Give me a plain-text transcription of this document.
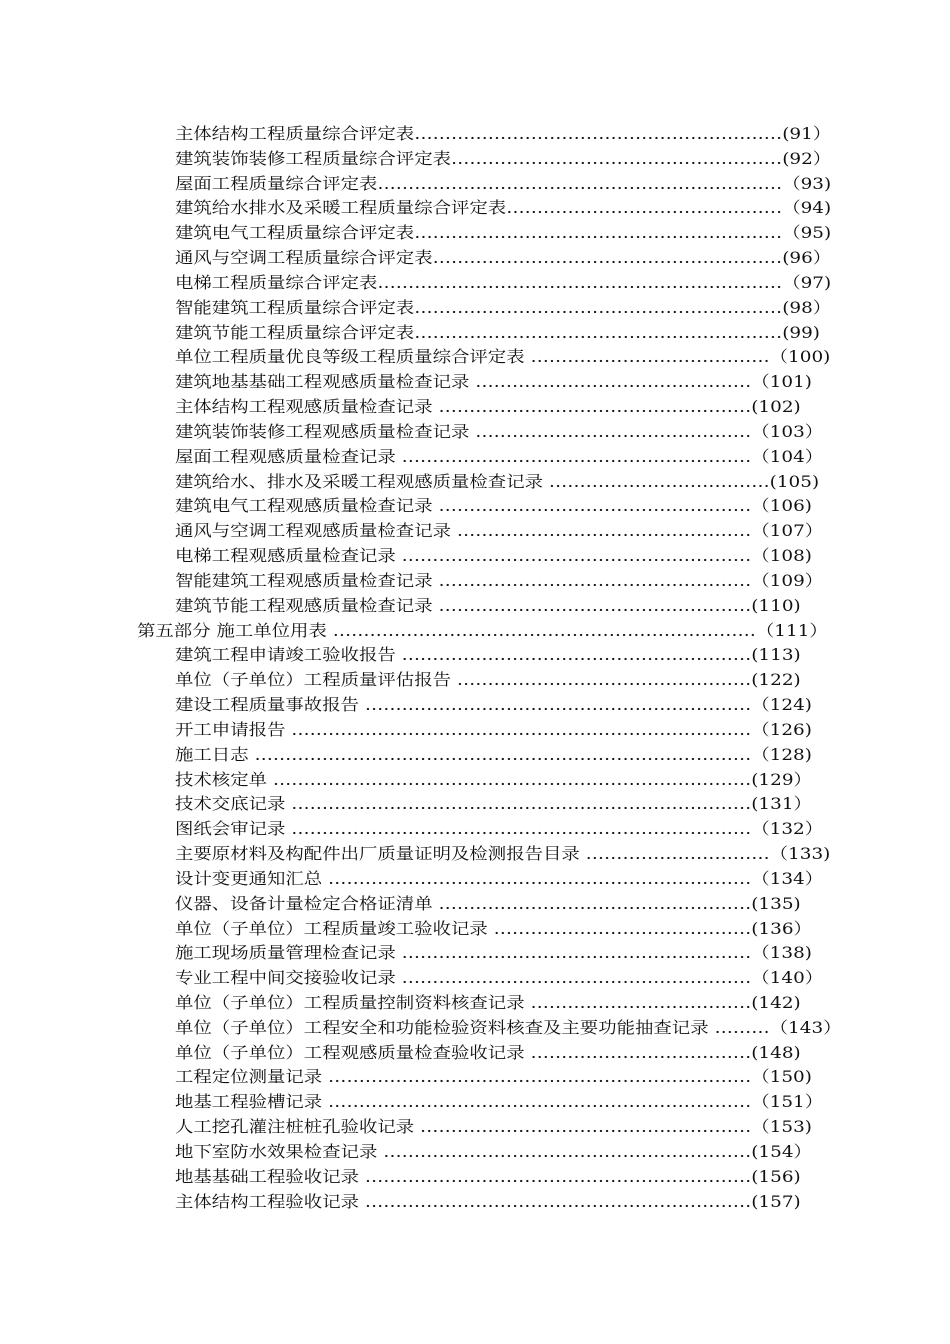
主体结构工程质量综合评定表……………………………………………………(91）
建筑装饰装修工程质量综合评定表………………………………………………(92）
屋面工程质量综合评定表…………………………………………………………（93)
建筑给水排水及采暖工程质量综合评定表………………………………………（94)
建筑电气工程质量综合评定表……………………………………………………（95)
通风与空调工程质量综合评定表…………………………………………………(96）
电梯工程质量综合评定表…………………………………………………………（97)
智能建筑工程质量综合评定表……………………………………………………(98）
建筑节能工程质量综合评定表……………………………………………………(99)
单位工程质量优良等级工程质量综合评定表 …………………………………（100)
建筑地基基础工程观感质量检查记录 ………………………………………（101)
主体结构工程观感质量检查记录 ……………………………………………(102)
建筑装饰装修工程观感质量检查记录 ………………………………………（103）
屋面工程观感质量检查记录 …………………………………………………（104）
建筑给水、排水及采暖工程观感质量检查记录 ………………………………(105)
建筑电气工程观感质量检查记录 ……………………………………………（106)
通风与空调工程观感质量检查记录 …………………………………………（107）
电梯工程观感质量检查记录 …………………………………………………（108)
智能建筑工程观感质量检查记录 ……………………………………………（109）
建筑节能工程观感质量检查记录 ……………………………………………(110)
第五部分 施工单位用表 ……………………………………………………………（111）
建筑工程申请竣工验收报告 …………………………………………………(113)
单位（子单位）工程质量评估报告 …………………………………………(122)
建设工程质量事故报告 ………………………………………………………（124)
开工申请报告 …………………………………………………………………（126)
施工日志 ………………………………………………………………………（128)
技术核定单 ……………………………………………………………………(129）
技术交底记录 …………………………………………………………………(131）
图纸会审记录 …………………………………………………………………（132）
主要原材料及构配件出厂质量证明及检测报告目录 …………………………（133)
设计变更通知汇总 ……………………………………………………………（134）
仪器、设备计量检定合格证清单 ……………………………………………(135)
单位（子单位）工程质量竣工验收记录 ……………………………………(136）
施工现场质量管理检查记录 …………………………………………………（138)
专业工程中间交接验收记录 …………………………………………………（140）
单位（子单位）工程质量控制资料核查记录 ………………………………(142)
单位（子单位）工程安全和功能检验资料核查及主要功能抽查记录 ………（143）
单位（子单位）工程观感质量检查验收记录 ………………………………(148)
工程定位测量记录 ……………………………………………………………（150)
地基工程验槽记录 ……………………………………………………………（151）
人工挖孔灌注桩桩孔验收记录 ………………………………………………（153)
地下室防水效果检查记录 ……………………………………………………(154）
地基基础工程验收记录 ………………………………………………………(156)
主体结构工程验收记录 ………………………………………………………(157)
